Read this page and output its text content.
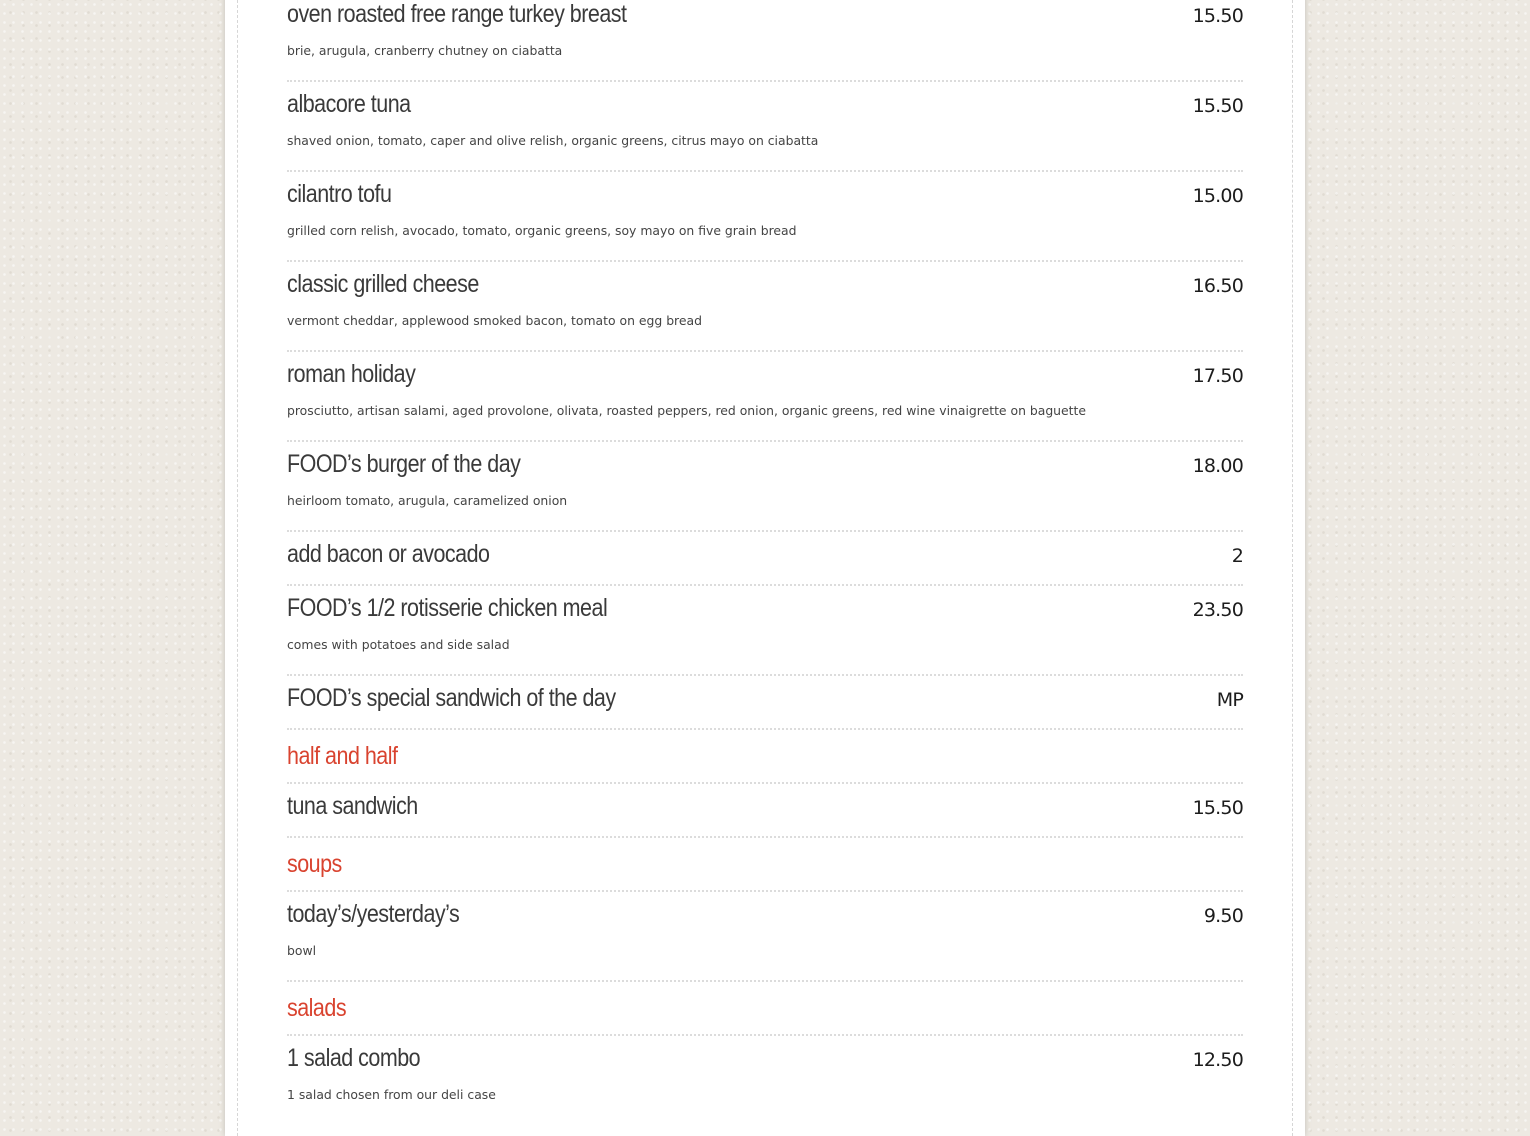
oven roasted free range turkey breast	15.50
brie, arugula, cranberry chutney on ciabatta
albacore tuna	15.50
shaved onion, tomato, caper and olive relish, organic greens, citrus mayo on ciabatta
cilantro tofu	15.00
grilled corn relish, avocado, tomato, organic greens, soy mayo on five grain bread
classic grilled cheese	16.50
vermont cheddar, applewood smoked bacon, tomato on egg bread
roman holiday	17.50
prosciutto, artisan salami, aged provolone, olivata, roasted peppers, red onion, organic greens, red wine vinaigrette on baguette
FOOD’s burger of the day	18.00
heirloom tomato, arugula, caramelized onion
add bacon or avocado	2
FOOD’s 1/2 rotisserie chicken meal	23.50
comes with potatoes and side salad
FOOD’s special sandwich of the day	MP
half and half
tuna sandwich	15.50
soups
today’s/yesterday’s	9.50
bowl
salads
1 salad combo	12.50
1 salad chosen from our deli case
